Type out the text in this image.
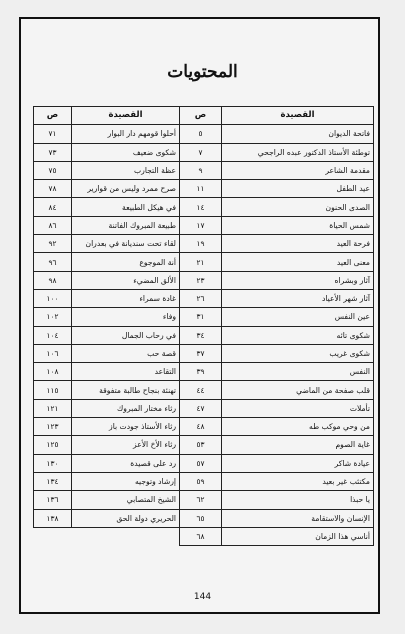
المحتويات
القصيدة	ص
فاتحة الديوان	٥
توطئة الأستاذ الدكتور عبده الراجحي	٧
مقدمة الشاعر	٩
عيد الطفل	١١
الصدى الحنون	١٤
شمس الحياة	١٧
فرحة العيد	١٩
معنى العيد	٢١
آثار وبشراه	٢٣
آثار شهر الأعياد	٢٦
عين النفس	٣١
شكوى تائه	٣٤
شكوى غريب	٣٧
النفس	٣٩
قلب صفحة من الماضي	٤٤
تأملات	٤٧
من وحي موكب طه	٤٨
غاية الصوم	٥٣
عيادة شاكر	٥٧
مكتئب غير بعيد	٥٩
يا حبذا	٦٢
الإنسان والاستقامة	٦٥
أناسي هذا الزمان	٦٨
القصيدة	ص
أحلوا قومهم دار البوار	٧١
شكوى ضعيف	٧٣
عظة التجارب	٧٥
صرح ممرد وليس من قوارير	٧٨
في هيكل الطبيعة	٨٤
طبيعة المبروك الفاتنة	٨٦
لقاء تحت سنديانة في بعدران	٩٢
أنة الموجوع	٩٦
الألق المضيء	٩٨
غادة سمراء	١٠٠
وفاء	١٠٢
في رحاب الجمال	١٠٤
قصة حب	١٠٦
التقاعد	١٠٨
تهنئة بنجاح طالبة متفوقة	١١٥
رثاء مختار المبروك	١٢١
رثاء الأستاذ جودت باز	١٢٣
رثاء الأخ الأعز	١٢٥
رد على قصيدة	١٣٠
إرشاد وتوجيه	١٣٤
الشيخ المتصابي	١٣٦
الحريري دولة الحق	١٣٨
144
